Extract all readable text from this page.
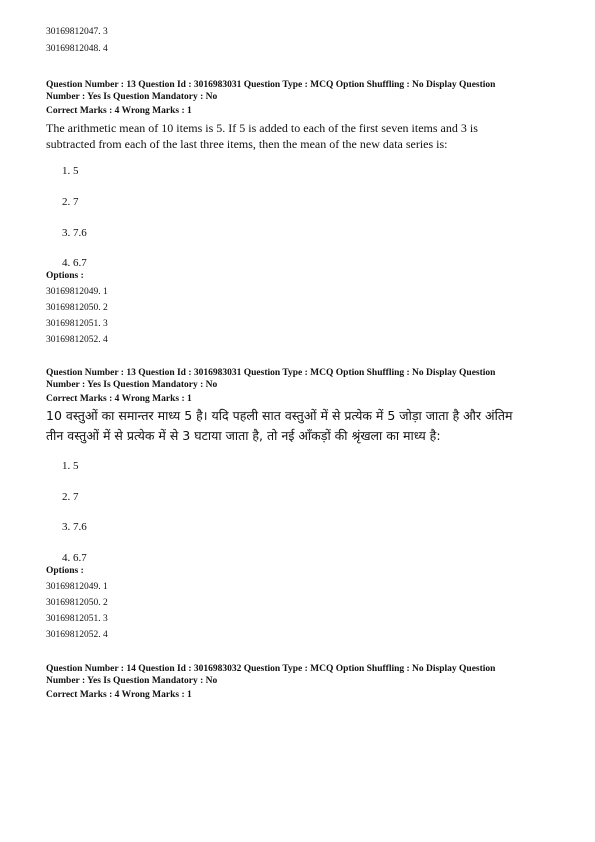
30169812047. 3
30169812048. 4
Question Number : 13 Question Id : 3016983031 Question Type : MCQ Option Shuffling : No Display Question
Number : Yes Is Question Mandatory : No
Correct Marks : 4 Wrong Marks : 1
The arithmetic mean of 10 items is 5. If 5 is added to each of the first seven items and 3 is
subtracted from each of the last three items, then the mean of the new data series is:
1. 5
2. 7
3. 7.6
4. 6.7
Options :
30169812049. 1
30169812050. 2
30169812051. 3
30169812052. 4
Question Number : 13 Question Id : 3016983031 Question Type : MCQ Option Shuffling : No Display Question
Number : Yes Is Question Mandatory : No
Correct Marks : 4 Wrong Marks : 1
10 वस्तुओं का समान्तर माध्य 5 है। यदि पहली सात वस्तुओं में से प्रत्येक में 5 जोड़ा जाता है और अंतिम
तीन वस्तुओं में से प्रत्येक में से 3 घटाया जाता है, तो नई आँकड़ों की श्रृंखला का माध्य है:
1. 5
2. 7
3. 7.6
4. 6.7
Options :
30169812049. 1
30169812050. 2
30169812051. 3
30169812052. 4
Question Number : 14 Question Id : 3016983032 Question Type : MCQ Option Shuffling : No Display Question
Number : Yes Is Question Mandatory : No
Correct Marks : 4 Wrong Marks : 1
